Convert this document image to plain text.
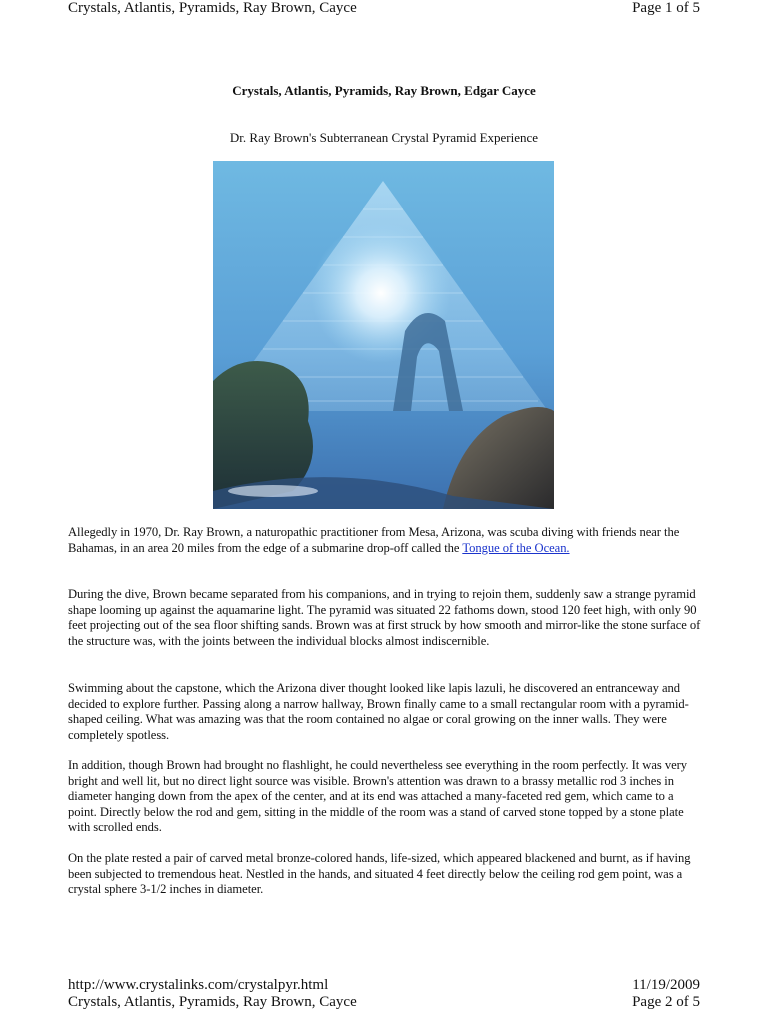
Crystals, Atlantis, Pyramids, Ray Brown, Cayce	Page 1 of 5
Crystals, Atlantis, Pyramids, Ray Brown, Edgar Cayce
Dr. Ray Brown's Subterranean Crystal Pyramid Experience

Allegedly in 1970, Dr. Ray Brown, a naturopathic practitioner from Mesa, Arizona, was scuba diving with friends near the Bahamas, in an area 20 miles from the edge of a submarine drop-off called the Tongue of the Ocean.

During the dive, Brown became separated from his companions, and in trying to rejoin them, suddenly saw a strange pyramid shape looming up against the aquamarine light. The pyramid was situated 22 fathoms down, stood 120 feet high, with only 90 feet projecting out of the sea floor shifting sands. Brown was at first struck by how smooth and mirror-like the stone surface of the structure was, with the joints between the individual blocks almost indiscernible.

Swimming about the capstone, which the Arizona diver thought looked like lapis lazuli, he discovered an entranceway and decided to explore further. Passing along a narrow hallway, Brown finally came to a small rectangular room with a pyramid-shaped ceiling. What was amazing was that the room contained no algae or coral growing on the inner walls. They were completely spotless.

In addition, though Brown had brought no flashlight, he could nevertheless see everything in the room perfectly. It was very bright and well lit, but no direct light source was visible. Brown's attention was drawn to a brassy metallic rod 3 inches in diameter hanging down from the apex of the center, and at its end was attached a many-faceted red gem, which came to a point. Directly below the rod and gem, sitting in the middle of the room was a stand of carved stone topped by a stone plate with scrolled ends.

On the plate rested a pair of carved metal bronze-colored hands, life-sized, which appeared blackened and burnt, as if having been subjected to tremendous heat. Nestled in the hands, and situated 4 feet directly below the ceiling rod gem point, was a crystal sphere 3-1/2 inches in diameter.

http://www.crystalinks.com/crystalpyr.html	11/19/2009
Crystals, Atlantis, Pyramids, Ray Brown, Cayce	Page 2 of 5
